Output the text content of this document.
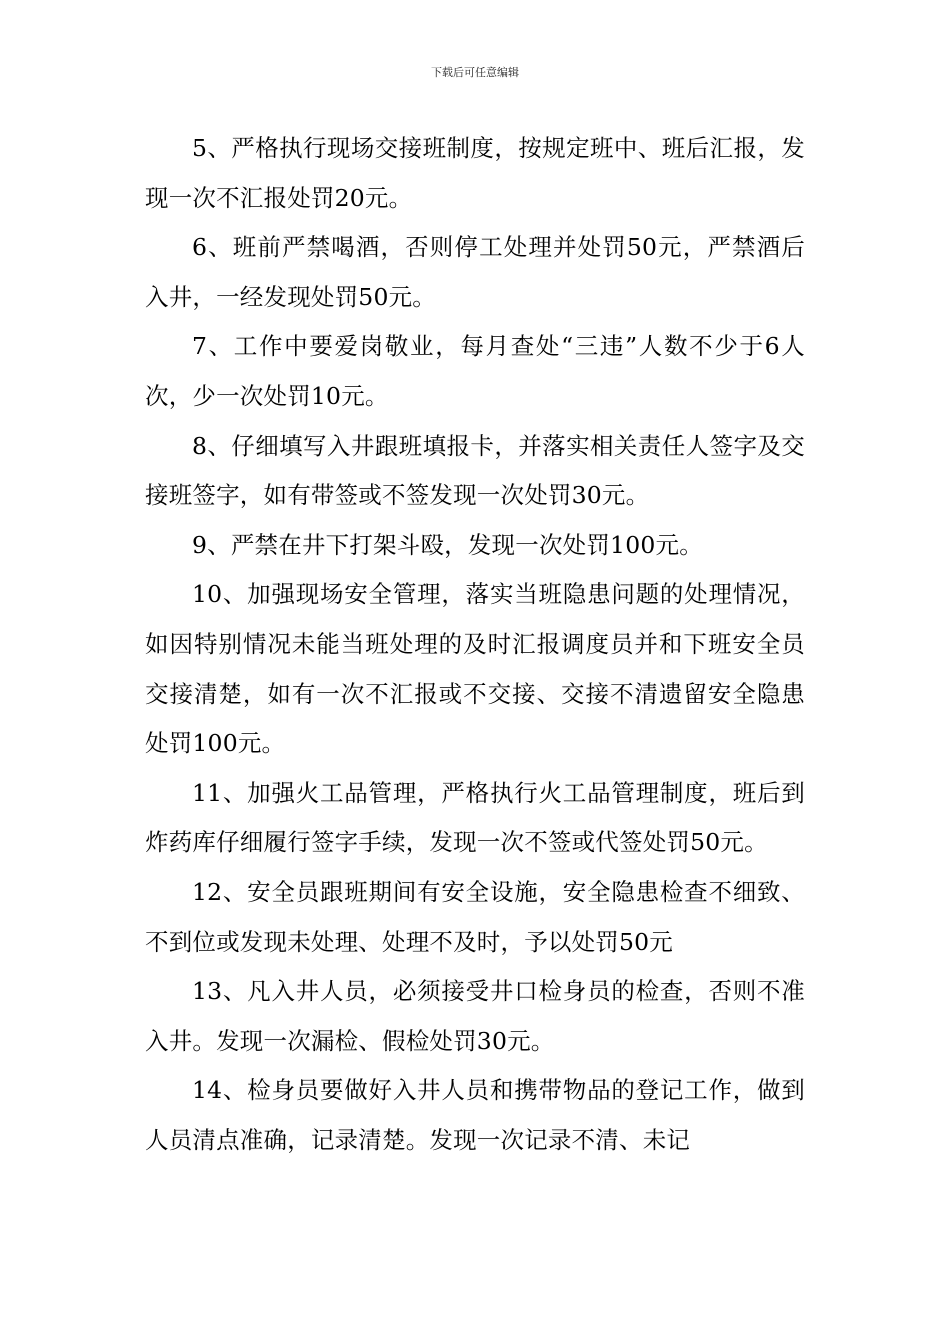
下载后可任意编辑

5、严格执行现场交接班制度，按规定班中、班后汇报，发现一次不汇报处罚20元。

6、班前严禁喝酒，否则停工处理并处罚50元，严禁酒后入井，一经发现处罚50元。

7、工作中要爱岗敬业，每月查处“三违”人数不少于6人次，少一次处罚10元。

8、仔细填写入井跟班填报卡，并落实相关责任人签字及交接班签字，如有带签或不签发现一次处罚30元。

9、严禁在井下打架斗殴，发现一次处罚100元。

10、加强现场安全管理，落实当班隐患问题的处理情况，如因特别情况未能当班处理的及时汇报调度员并和下班安全员交接清楚，如有一次不汇报或不交接、交接不清遗留安全隐患处罚100元。

11、加强火工品管理，严格执行火工品管理制度，班后到炸药库仔细履行签字手续，发现一次不签或代签处罚50元。

12、安全员跟班期间有安全设施，安全隐患检查不细致、不到位或发现未处理、处理不及时，予以处罚50元

13、凡入井人员，必须接受井口检身员的检查，否则不准入井。发现一次漏检、假检处罚30元。

14、检身员要做好入井人员和携带物品的登记工作，做到人员清点准确，记录清楚。发现一次记录不清、未记
